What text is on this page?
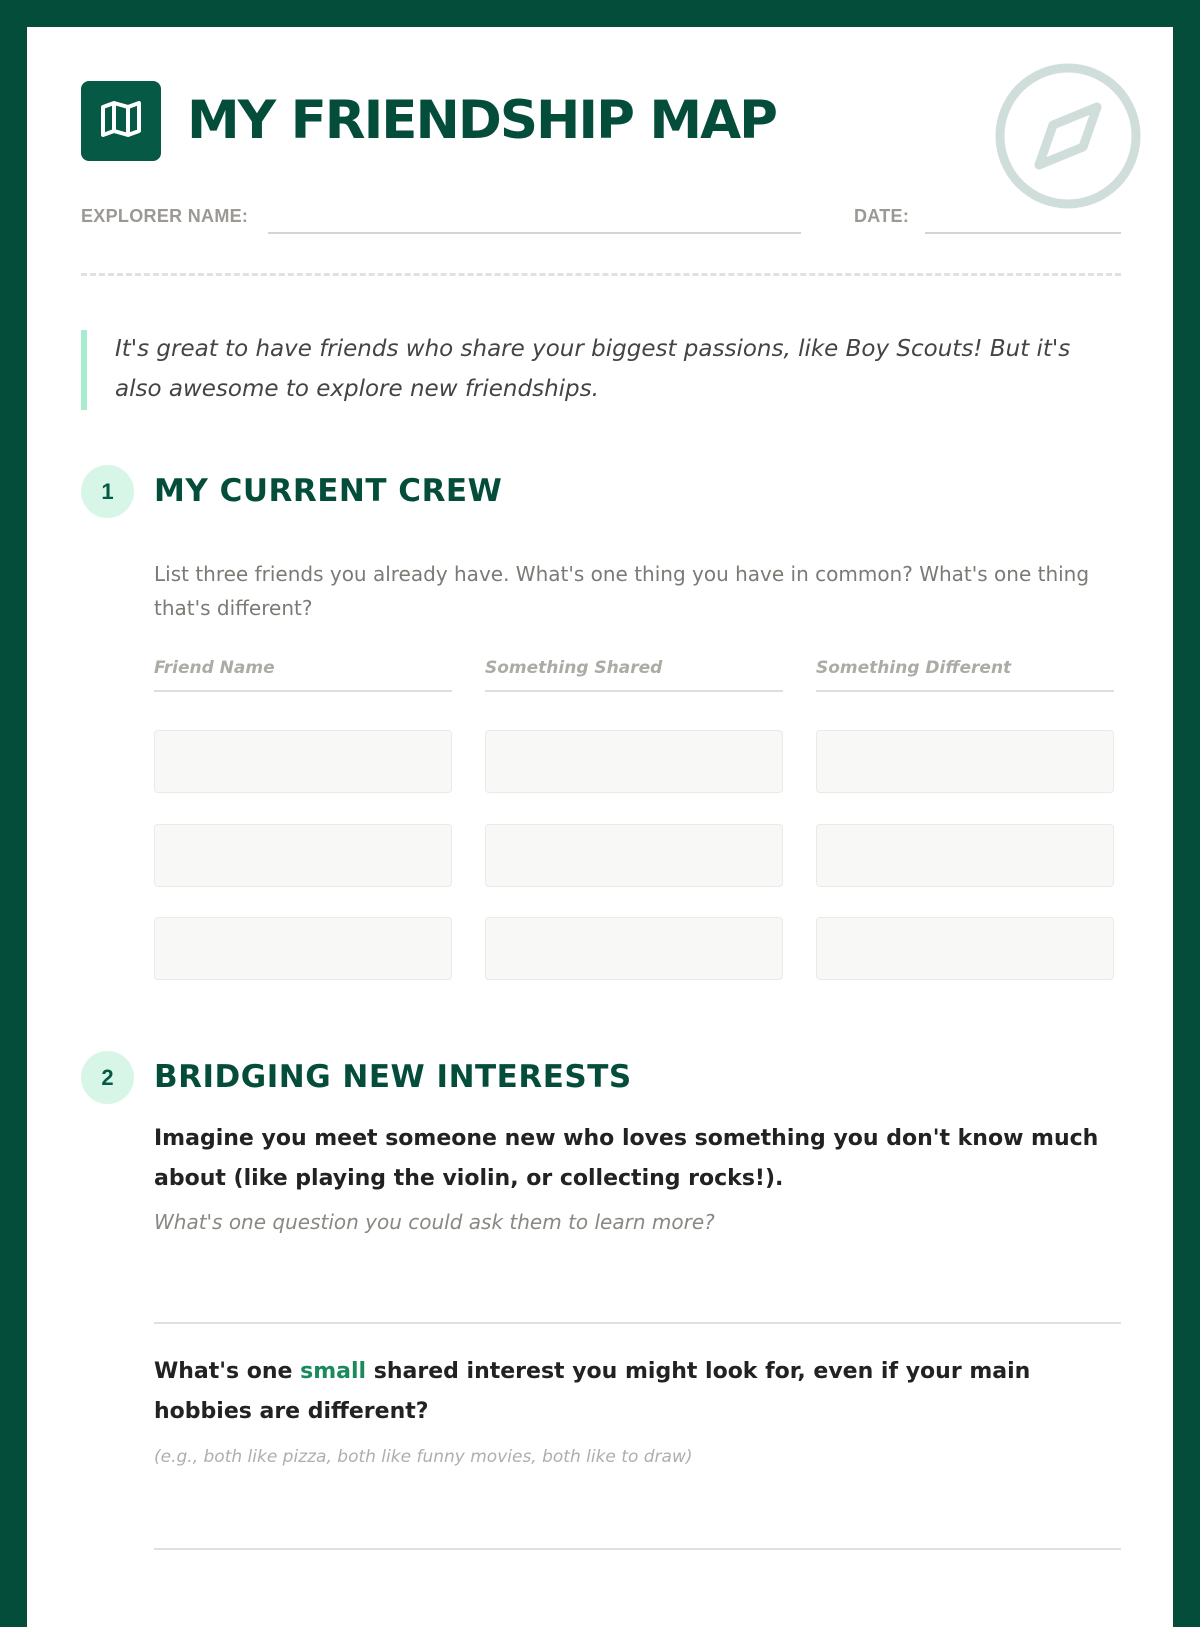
MY FRIENDSHIP MAP
EXPLORER NAME:	DATE:

It's great to have friends who share your biggest passions, like Boy Scouts! But it's also awesome to explore new friendships.

1	MY CURRENT CREW

List three friends you already have. What's one thing you have in common? What's one thing that's different?

Friend Name	Something Shared	Something Different
2	BRIDGING NEW INTERESTS

Imagine you meet someone new who loves something you don't know much about (like playing the violin, or collecting rocks!).

What's one question you could ask them to learn more?

What's one small shared interest you might look for, even if your main hobbies are different?

(e.g., both like pizza, both like funny movies, both like to draw)
